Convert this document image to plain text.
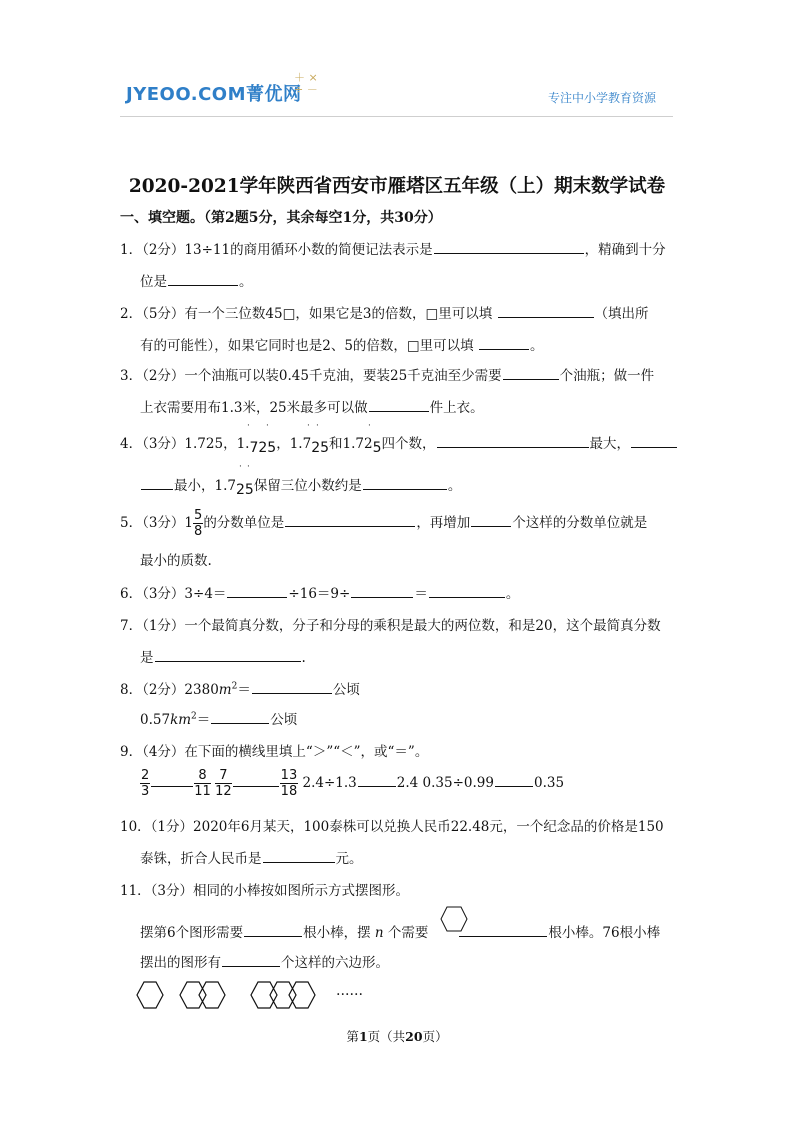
JYEOO.COM菁优网
＋ ×
÷ －
专注中小学教育资源
2020-2021学年陕西省西安市雁塔区五年级（上）期末数学试卷
一、填空题。（第2题5分，其余每空1分，共30分）
1．（2分）13÷11的商用循环小数的简便记法表示是	，精确到十分
位是	。
2．（5分）有一个三位数45□，如果它是3的倍数，□里可以填	（填出所
有的可能性），如果它同时也是2、5的倍数，□里可以填	。
3．（2分）一个油瓶可以装0.45千克油，要装25千克油至少需要	个油瓶；做一件
上衣需要用布1.3米，25米最多可以做	件上衣。
· ·	· ·	·
4．（3分）1.725，1.725，1.725和1.725四个数，	最大，
· ·
最小，1.725保留三位小数约是	。
5．（3分）$1 \frac{5}{8}$ 的分数单位是	，再增加	个这样的分数单位就是
最小的质数.
6．（3分）3÷4＝	÷16＝9÷	＝	。
7．（1分）一个最简真分数，分子和分母的乘积是最大的两位数，和是20，这个最简真分数
是	.
8．（2分）$2380m^2=$	公顷
$0.57km^2=$	公顷
9．（4分）在下面的横线里填上“＞”“＜”，或“＝”。
$\frac{2}{3}$	$\frac{8}{11}$
$\frac{7}{12}$	$\frac{13}{18} 2.4\div 1.3$	2.4 0.35÷0.99	0.35
10．（1分）2020年6月某天，100泰株可以兑换人民币22.48元，一个纪念品的价格是150
泰铢，折合人民币是	元。
11．（3分）相同的小棒按如图所示方式摆图形。
摆第6个图形需要	根小棒，摆 n 个需要	根小棒。76根小棒
摆出的图形有	个这样的六边形。
……
第1页（共20页）
